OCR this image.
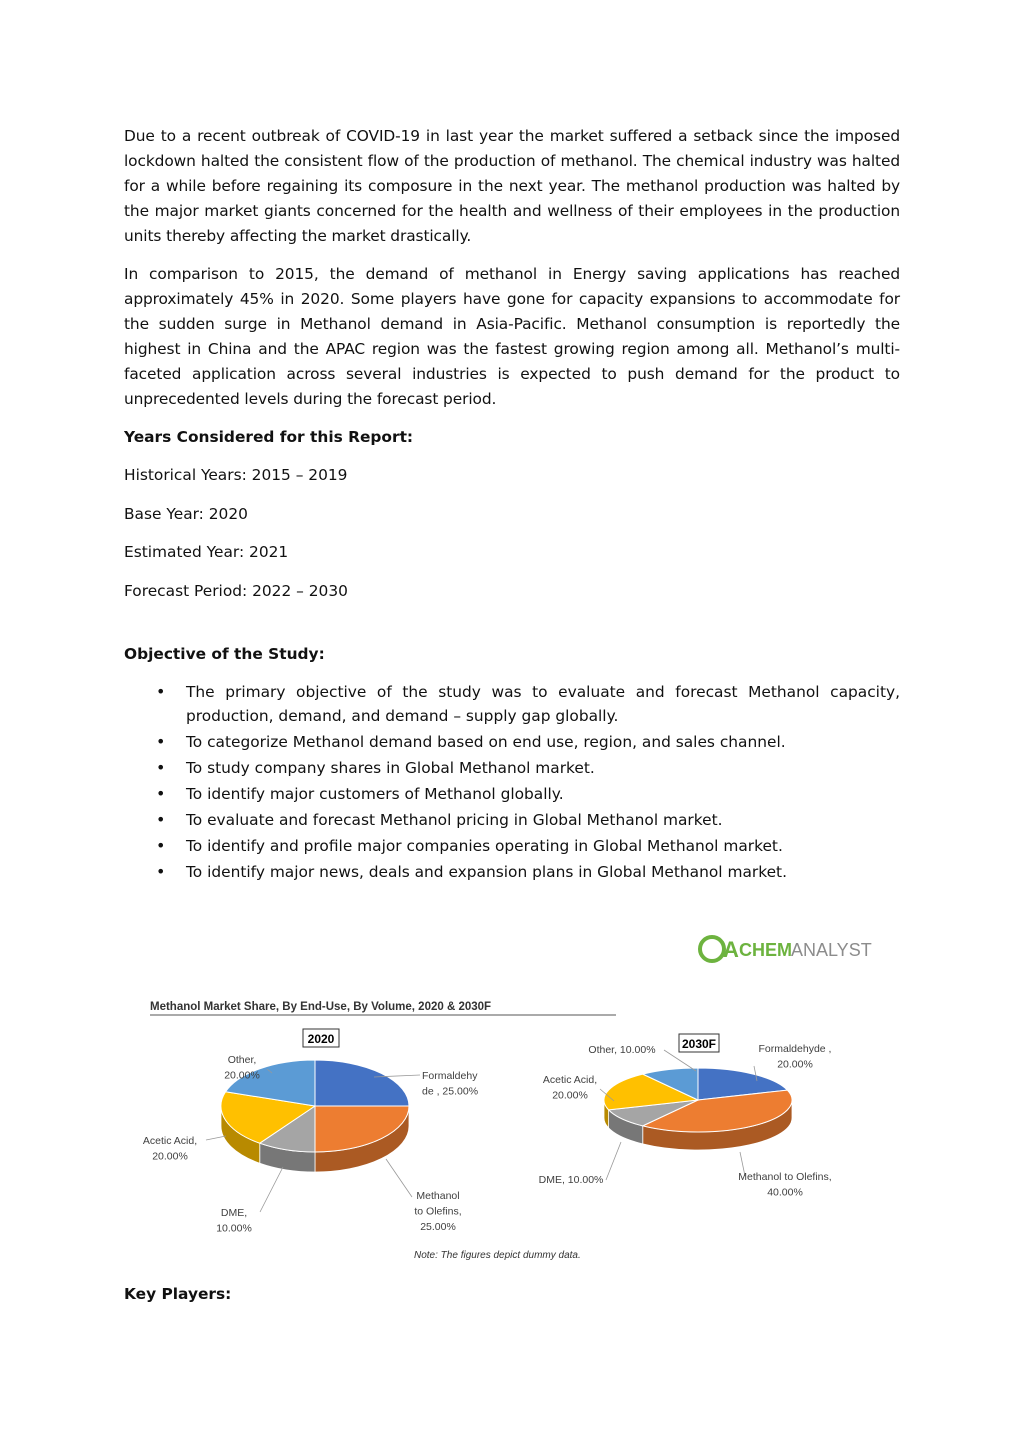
Due to a recent outbreak of COVID-19 in last year the market suffered a setback since the imposed lockdown halted the consistent flow of the production of methanol. The chemical industry was halted for a while before regaining its composure in the next year. The methanol production was halted by the major market giants concerned for the health and wellness of their employees in the production units thereby affecting the market drastically.

In comparison to 2015, the demand of methanol in Energy saving applications has reached approximately 45% in 2020. Some players have gone for capacity expansions to accommodate for the sudden surge in Methanol demand in Asia-Pacific. Methanol consumption is reportedly the highest in China and the APAC region was the fastest growing region among all. Methanol’s multi-faceted application across several industries is expected to push demand for the product to unprecedented levels during the forecast period.

Years Considered for this Report:
Historical Years: 2015 – 2019
Base Year: 2020
Estimated Year: 2021
Forecast Period: 2022 – 2030
Objective of the Study:
• The primary objective of the study was to evaluate and forecast Methanol capacity, production, demand, and demand – supply gap globally.
• To categorize Methanol demand based on end use, region, and sales channel.
• To study company shares in Global Methanol market.
• To identify major customers of Methanol globally.
• To evaluate and forecast Methanol pricing in Global Methanol market.
• To identify and profile major companies operating in Global Methanol market.
• To identify major news, deals and expansion plans in Global Methanol market.
A CHEM ANALYST
Methanol Market Share, By End-Use, By Volume, 2020 & 2030F
2020	2030F
Formaldehy
de , 25.00%
Methanol
to Olefins,
25.00%
DME,
10.00%
Acetic Acid,
20.00%
Other,
20.00%
Formaldehyde ,
20.00%
Methanol to Olefins,
40.00%
DME, 10.00%
Acetic Acid,
20.00%
Other, 10.00%
Note: The figures depict dummy data.
Key Players:
